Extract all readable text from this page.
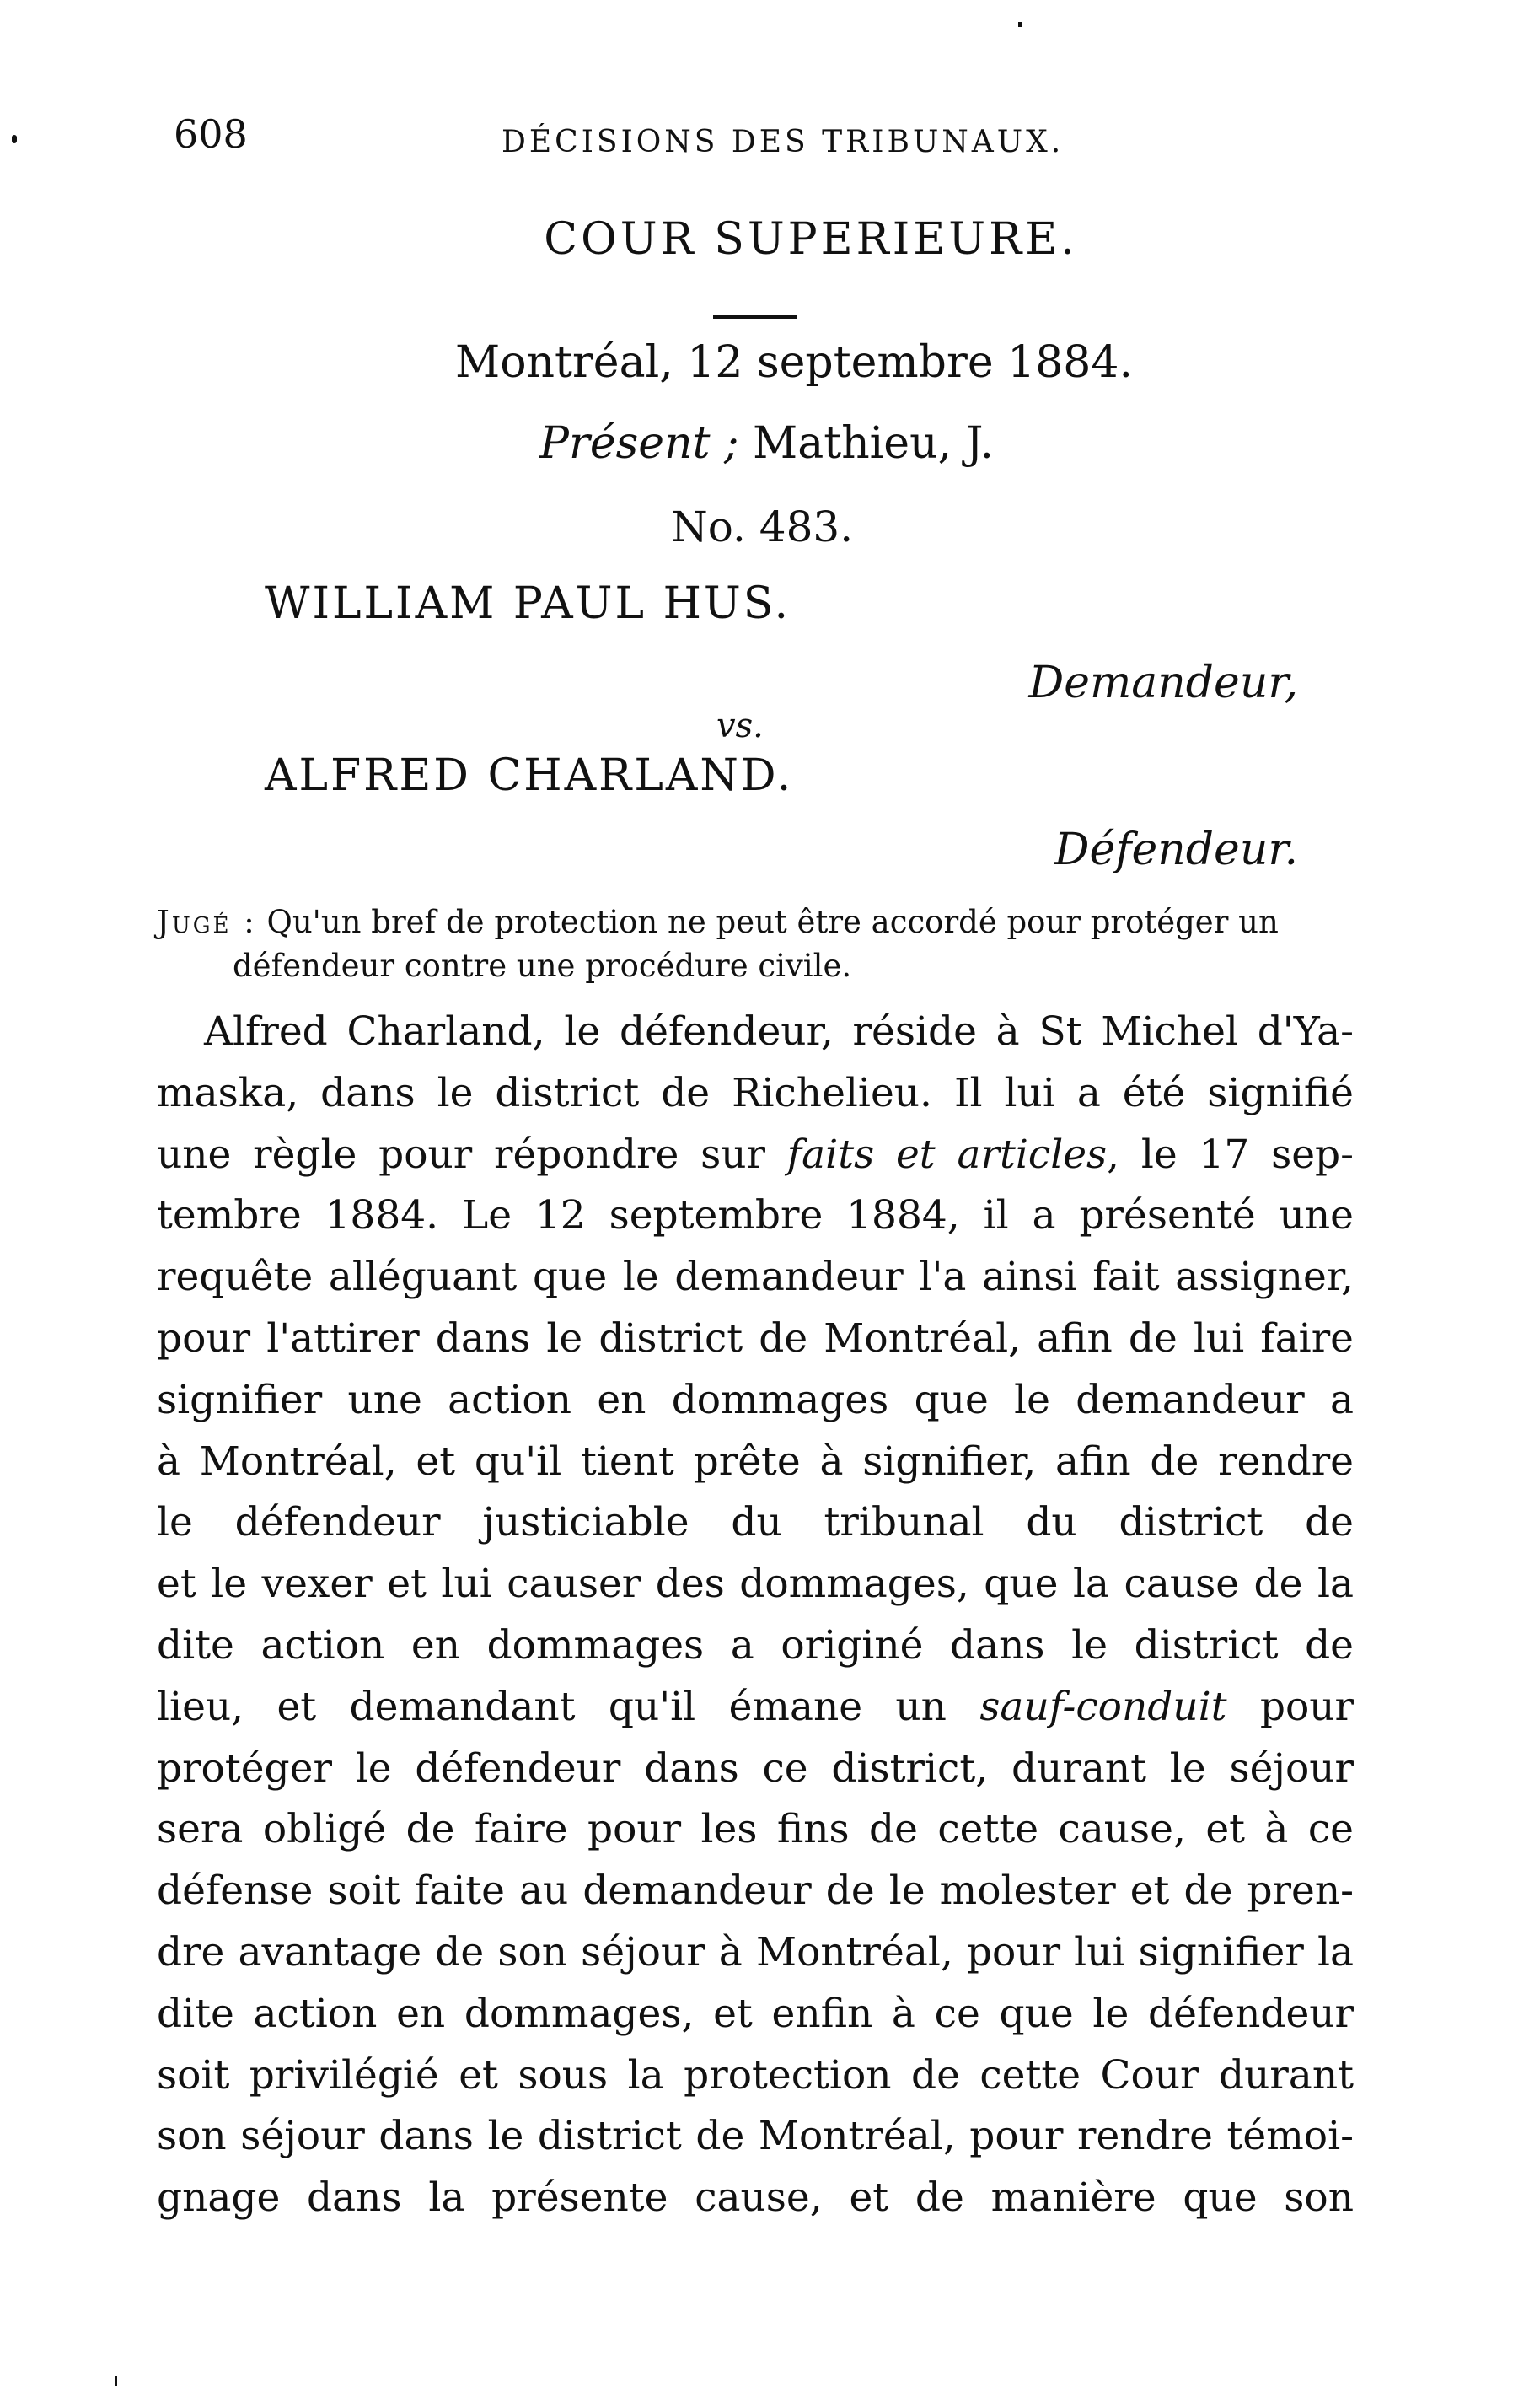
608	DÉCISIONS DES TRIBUNAUX.
COUR SUPERIEURE.
Montréal, 12 septembre 1884.
Présent ; Mathieu, J.
No. 483.
WILLIAM PAUL HUS.
Demandeur,
vs.
ALFRED CHARLAND.
Défendeur.
Jugé : Qu'un bref de protection ne peut être accordé pour protéger un
défendeur contre une procédure civile.
Alfred Charland, le défendeur, réside à St Michel d'Ya-
maska, dans le district de Richelieu. Il lui a été signifié
une règle pour répondre sur faits et articles, le 17 sep-
tembre 1884. Le 12 septembre 1884, il a présenté une
requête alléguant que le demandeur l'a ainsi fait assigner,
pour l'attirer dans le district de Montréal, afin de lui faire
signifier une action en dommages que le demandeur a
à Montréal, et qu'il tient prête à signifier, afin de rendre
le défendeur justiciable du tribunal du district de
et le vexer et lui causer des dommages, que la cause de la
dite action en dommages a originé dans le district de
lieu, et demandant qu'il émane un sauf-conduit pour
protéger le défendeur dans ce district, durant le séjour
sera obligé de faire pour les fins de cette cause, et à ce
défense soit faite au demandeur de le molester et de pren-
dre avantage de son séjour à Montréal, pour lui signifier la
dite action en dommages, et enfin à ce que le défendeur
soit privilégié et sous la protection de cette Cour durant
son séjour dans le district de Montréal, pour rendre témoi-
gnage dans la présente cause, et de manière que son
